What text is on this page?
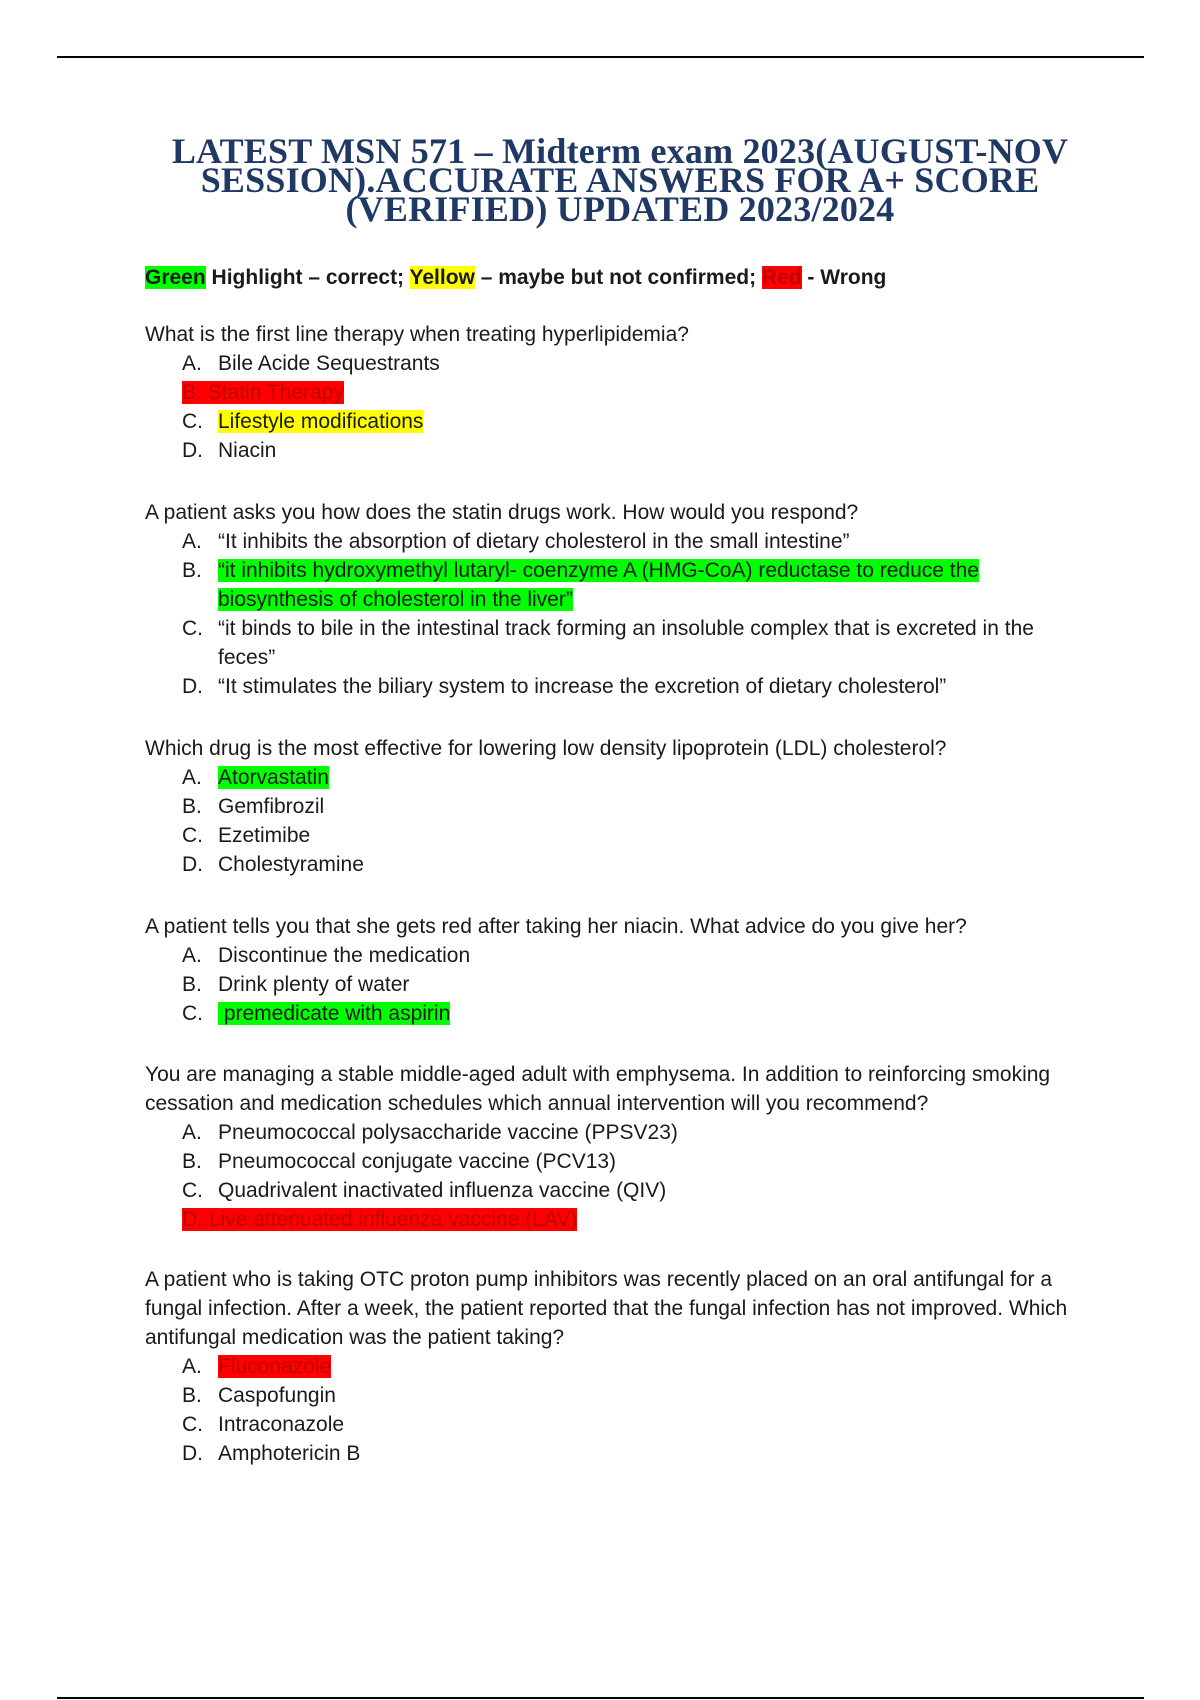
LATEST MSN 571 – Midterm exam 2023(AUGUST-NOV SESSION).ACCURATE ANSWERS FOR A+ SCORE (VERIFIED) UPDATED 2023/2024
Green Highlight – correct; Yellow – maybe but not confirmed; Red - Wrong

What is the first line therapy when treating hyperlipidemia?

A. Bile Acide Sequestrants
B. Statin Therapy
C. Lifestyle modifications
D. Niacin

A patient asks you how does the statin drugs work. How would you respond?

A. “It inhibits the absorption of dietary cholesterol in the small intestine”
B. “it inhibits hydroxymethyl lutaryl- coenzyme A (HMG-CoA) reductase to reduce the biosynthesis of cholesterol in the liver”
C. “it binds to bile in the intestinal track forming an insoluble complex that is excreted in the feces”
D. “It stimulates the biliary system to increase the excretion of dietary cholesterol”

Which drug is the most effective for lowering low density lipoprotein (LDL) cholesterol?

A. Atorvastatin
B. Gemfibrozil
C. Ezetimibe
D. Cholestyramine

A patient tells you that she gets red after taking her niacin. What advice do you give her?

A. Discontinue the medication
B. Drink plenty of water
C. premedicate with aspirin

You are managing a stable middle-aged adult with emphysema. In addition to reinforcing smoking cessation and medication schedules which annual intervention will you recommend?

A. Pneumococcal polysaccharide vaccine (PPSV23)
B. Pneumococcal conjugate vaccine (PCV13)
C. Quadrivalent inactivated influenza vaccine (QIV)
D. Live attenuated influenza vaccine (LAV)

A patient who is taking OTC proton pump inhibitors was recently placed on an oral antifungal for a fungal infection. After a week, the patient reported that the fungal infection has not improved. Which antifungal medication was the patient taking?

A. Fluconazole
B. Caspofungin
C. Intraconazole
D. Amphotericin B
